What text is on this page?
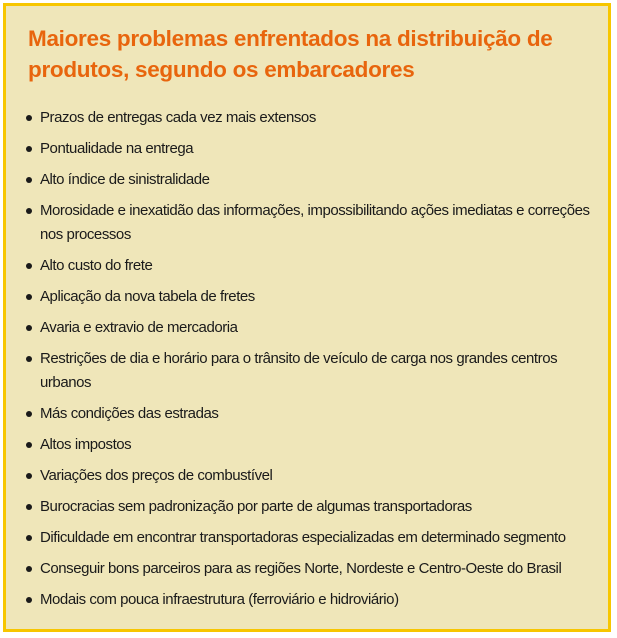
Maiores problemas enfrentados na distribuição de produtos, segundo os embarcadores
Prazos de entregas cada vez mais extensos
Pontualidade na entrega
Alto índice de sinistralidade
Morosidade e inexatidão das informações, impossibilitando ações imediatas e correções nos processos
Alto custo do frete
Aplicação da nova tabela de fretes
Avaria e extravio de mercadoria
Restrições de dia e horário para o trânsito de veículo de carga nos grandes centros urbanos
Más condições das estradas
Altos impostos
Variações dos preços de combustível
Burocracias sem padronização por parte de algumas transportadoras
Dificuldade em encontrar transportadoras especializadas em determinado segmento
Conseguir bons parceiros para as regiões Norte, Nordeste e Centro-Oeste do Brasil
Modais com pouca infraestrutura (ferroviário e hidroviário)
